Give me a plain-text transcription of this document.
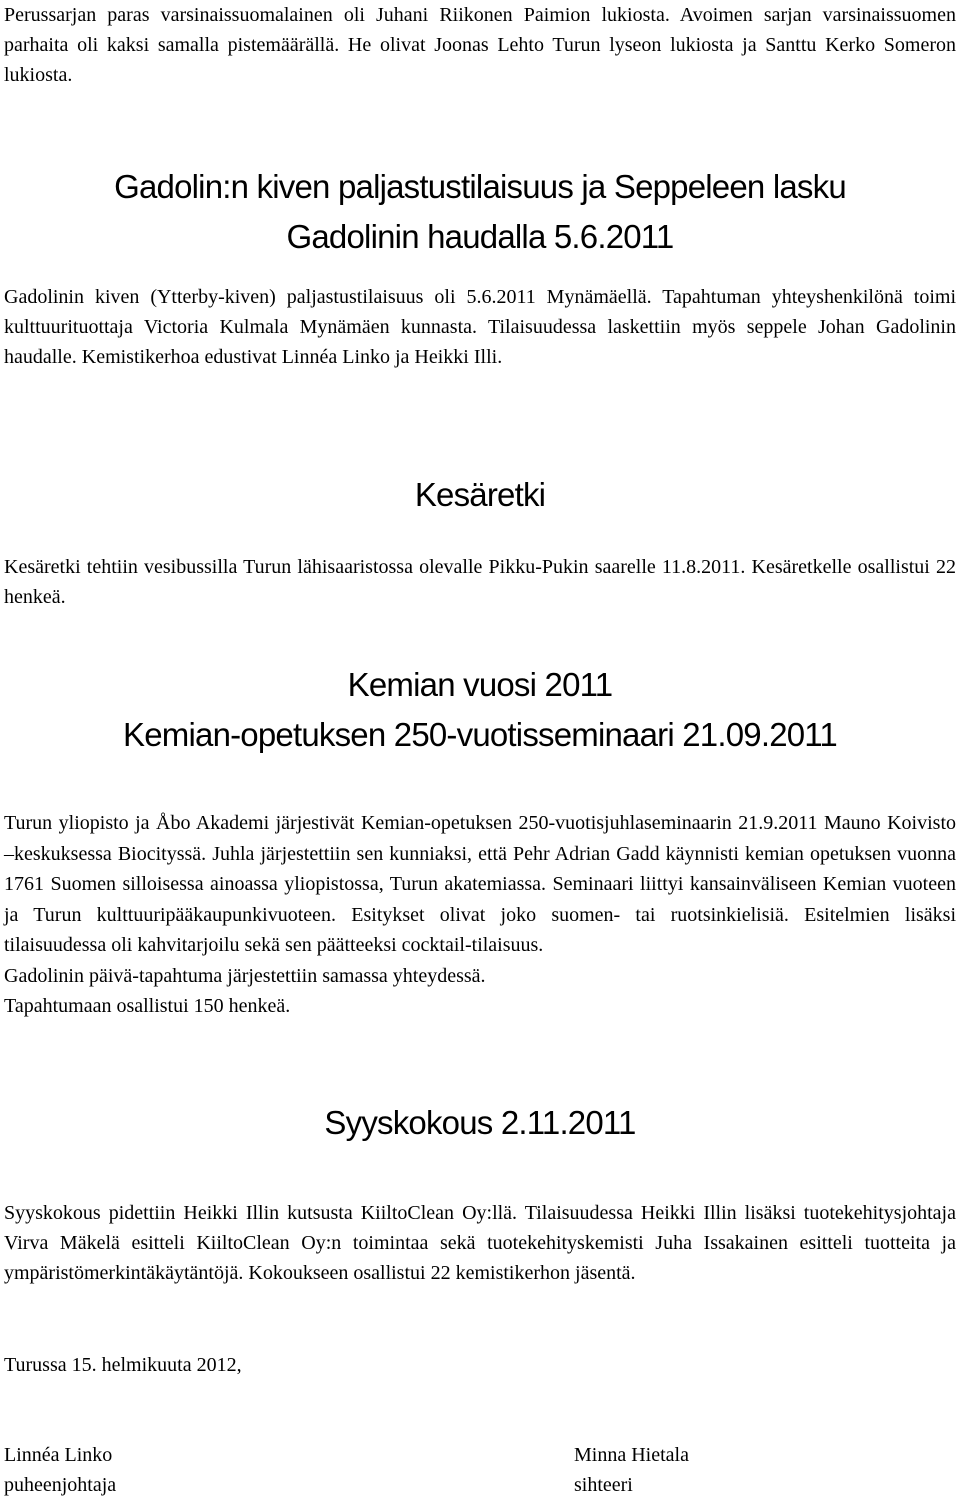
Perussarjan paras varsinaissuomalainen oli Juhani Riikonen Paimion lukiosta. Avoimen sarjan varsinaissuomen parhaita oli kaksi samalla pistemäärällä. He olivat Joonas Lehto Turun lyseon lukiosta ja Santtu Kerko Someron lukiosta.

Gadolin:n kiven paljastustilaisuus ja Seppeleen lasku
Gadolinin haudalla 5.6.2011

Gadolinin kiven (Ytterby-kiven) paljastustilaisuus oli 5.6.2011 Mynämäellä. Tapahtuman yhteyshenkilönä toimi kulttuurituottaja Victoria Kulmala Mynämäen kunnasta. Tilaisuudessa laskettiin myös seppele Johan Gadolinin haudalle. Kemistikerhoa edustivat Linnéa Linko ja Heikki Illi.

Kesäretki

Kesäretki tehtiin vesibussilla Turun lähisaaristossa olevalle Pikku-Pukin saarelle 11.8.2011. Kesäretkelle osallistui 22 henkeä.

Kemian vuosi 2011
Kemian-opetuksen 250-vuotisseminaari 21.09.2011
Turun yliopisto ja Åbo Akademi järjestivät Kemian-opetuksen 250-vuotisjuhlaseminaarin 21.9.2011 Mauno Koivisto –keskuksessa Biocityssä. Juhla järjestettiin sen kunniaksi, että Pehr Adrian Gadd käynnisti kemian opetuksen vuonna 1761 Suomen silloisessa ainoassa yliopistossa, Turun akatemiassa. Seminaari liittyi kansainväliseen Kemian vuoteen ja Turun kulttuuripääkaupunkivuoteen. Esitykset olivat joko suomen- tai ruotsinkielisiä. Esitelmien lisäksi tilaisuudessa oli kahvitarjoilu sekä sen päätteeksi cocktail-tilaisuus.
Gadolinin päivä-tapahtuma järjestettiin samassa yhteydessä.
Tapahtumaan osallistui 150 henkeä.
Syyskokous 2.11.2011

Syyskokous pidettiin Heikki Illin kutsusta KiiltoClean Oy:llä. Tilaisuudessa Heikki Illin lisäksi tuotekehitysjohtaja Virva Mäkelä esitteli KiiltoClean Oy:n toimintaa sekä tuotekehityskemisti Juha Issakainen esitteli tuotteita ja ympäristömerkintäkäytäntöjä. Kokoukseen osallistui 22 kemistikerhon jäsentä.

Turussa 15. helmikuuta 2012,

Linnéa Linko
puheenjohtaja
Minna Hietala
sihteeri
